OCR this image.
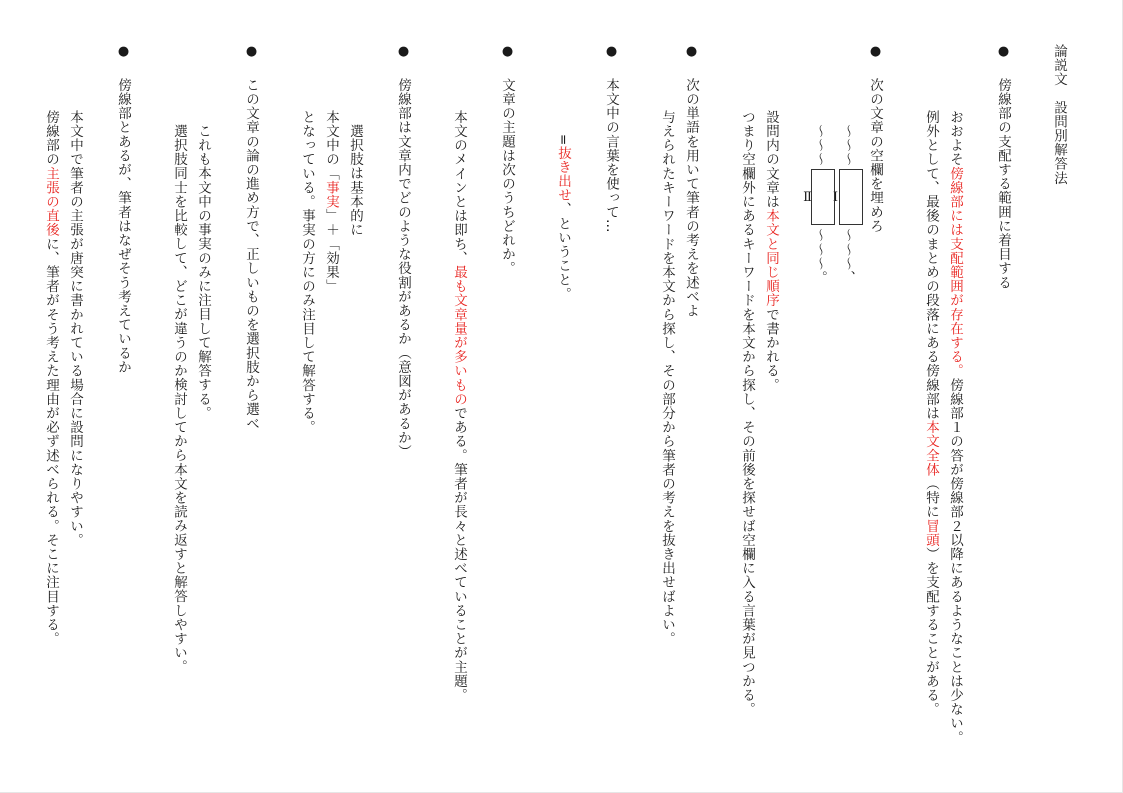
論説文　設問別解答法
● 傍線部の支配する範囲に着目する
おおよそ傍線部には支配範囲が存在する。傍線部１の答が傍線部２以降にあるようなことは少ない。
例外として、最後のまとめの段落にある傍線部は本文全体（特に冒頭）を支配することがある。
● 次の文章の空欄を埋めろ
〜〜〜Ⅰ〜〜〜、
〜〜〜Ⅱ〜〜〜。
設問内の文章は本文と同じ順序で書かれる。
つまり空欄外にあるキーワードを本文から探し、その前後を探せば空欄に入る言葉が見つかる。
● 次の単語を用いて筆者の考えを述べよ
与えられたキーワードを本文から探し、その部分から筆者の考えを抜き出せばよい。
● 本文中の言葉を使って…
=抜き出せ、ということ。
● 文章の主題は次のうちどれか。
本文のメインとは即ち、最も文章量が多いものである。筆者が長々と述べていることが主題。
● 傍線部は文章内でどのような役割があるか（意図があるか）
選択肢は基本的に
本文中の「事実」＋「効果」
となっている。事実の方にのみ注目して解答する。
● この文章の論の進め方で、正しいものを選択肢から選べ
これも本文中の事実のみに注目して解答する。
選択肢同士を比較して、どこが違うのか検討してから本文を読み返すと解答しやすい。
● 傍線部とあるが、筆者はなぜそう考えているか
本文中で筆者の主張が唐突に書かれている場合に設問になりやすい。
傍線部の主張の直後に、筆者がそう考えた理由が必ず述べられる。そこに注目する。
